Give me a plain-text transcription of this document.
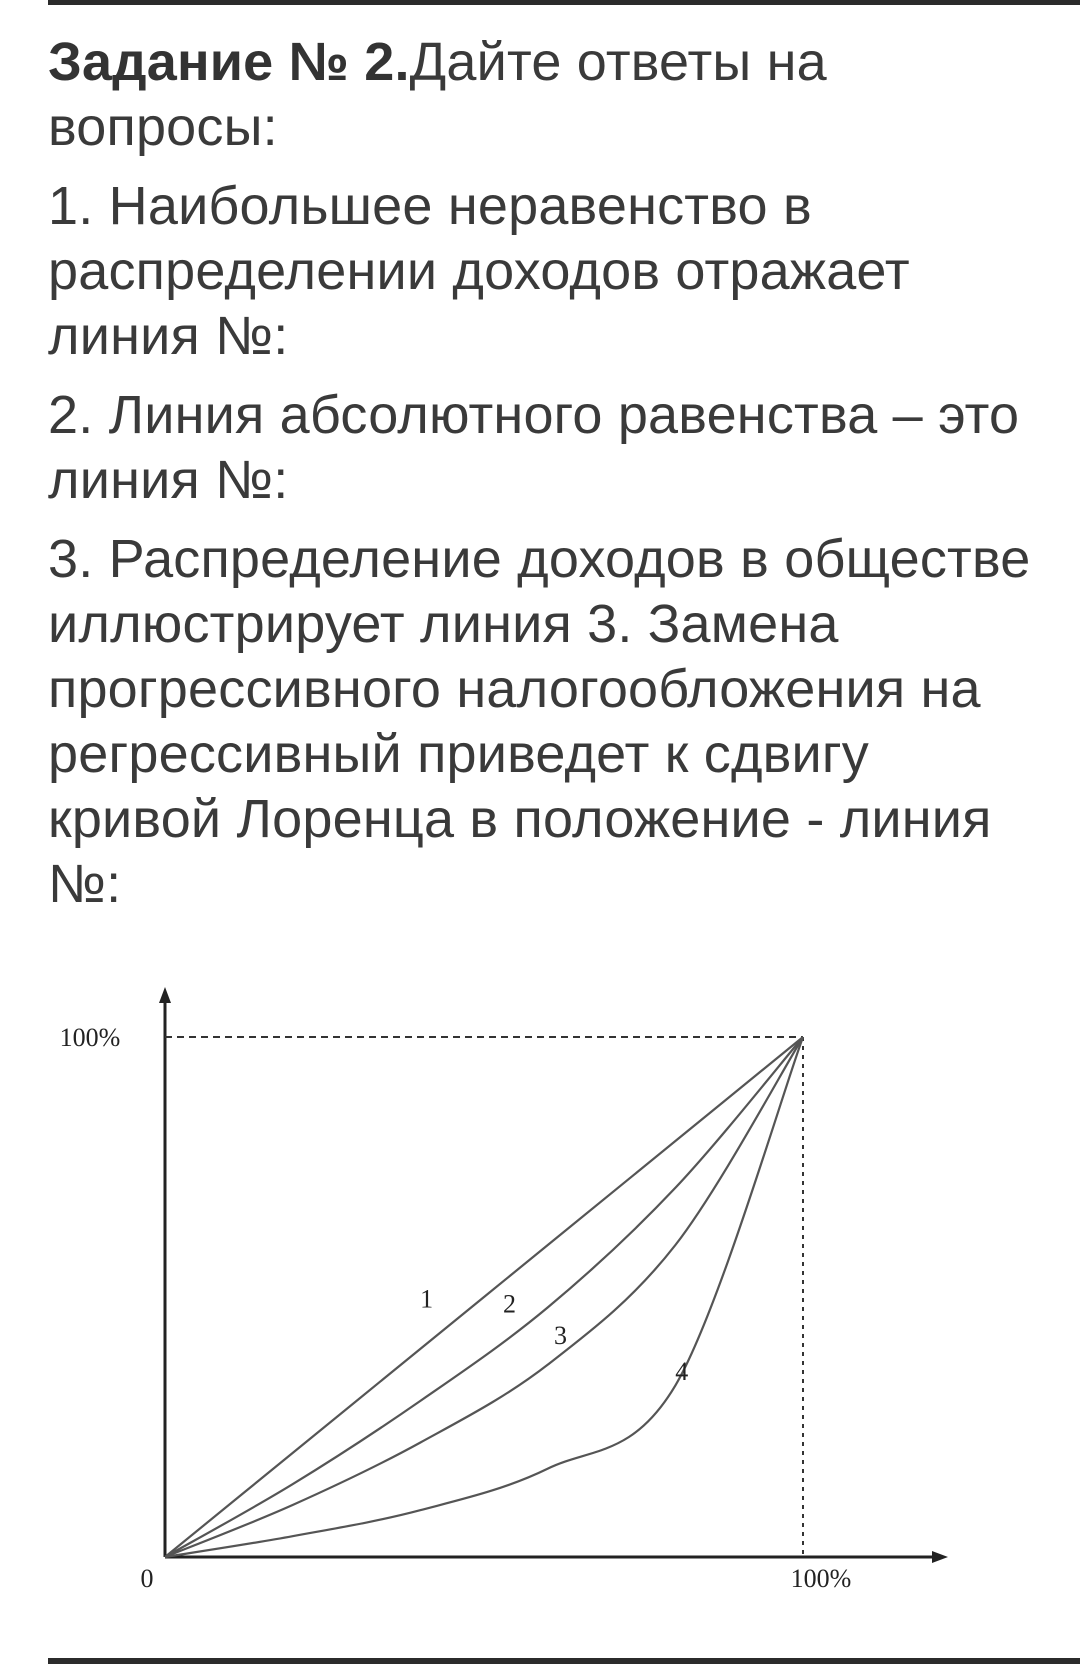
Задание № 2.Дайте ответы на вопросы:

1. Наибольшее неравенство в распределении доходов отражает линия №:

2. Линия абсолютного равенства – это линия №:

3. Распределение доходов в обществе иллюстрирует линия 3. Замена прогрессивного налогообложения на регрессивный приведет к сдвигу кривой Лоренца в положение - линия №:

1	2
3
4
100%
0	100%
